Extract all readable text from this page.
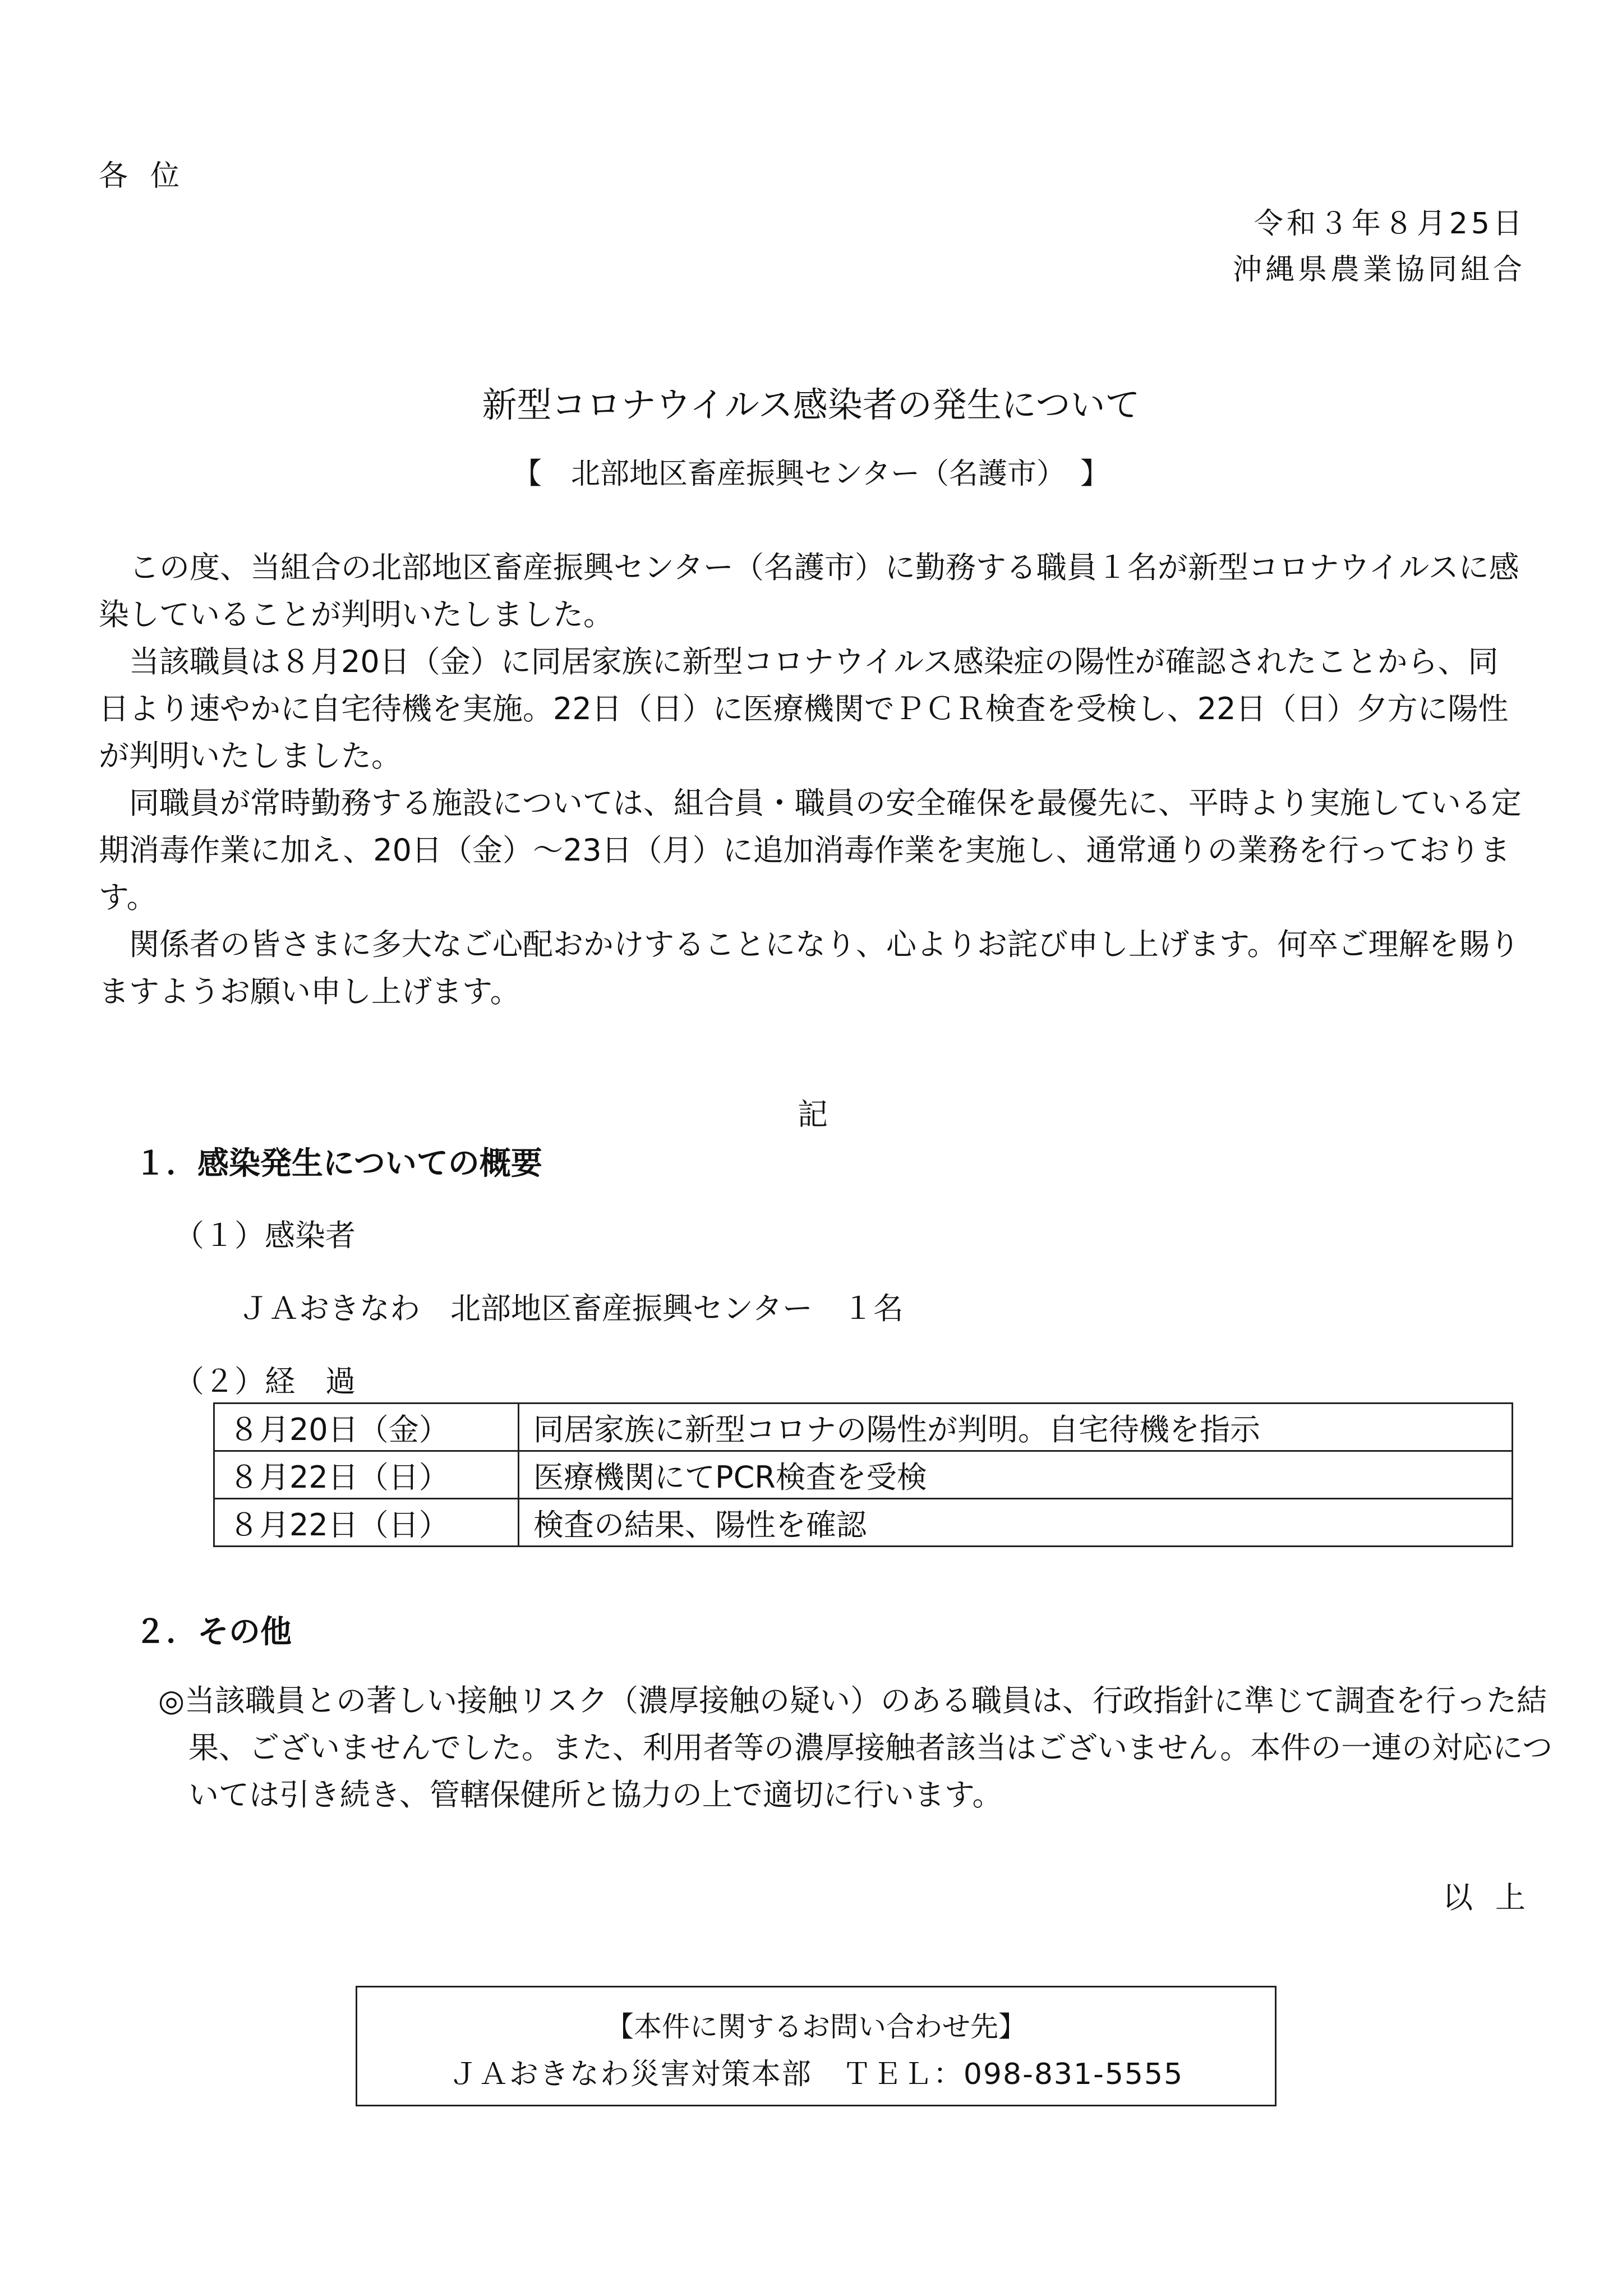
各位
令和３年８月25日
沖縄県農業協同組合
新型コロナウイルス感染者の発生について
【　北部地区畜産振興センター（名護市）　】
この度、当組合の北部地区畜産振興センター（名護市）に勤務する職員１名が新型コロナウイルスに感染していることが判明いたしました。
当該職員は８月20日（金）に同居家族に新型コロナウイルス感染症の陽性が確認されたことから、同日より速やかに自宅待機を実施。22日（日）に医療機関でＰＣＲ検査を受検し、22日（日）夕方に陽性が判明いたしました。
同職員が常時勤務する施設については、組合員・職員の安全確保を最優先に、平時より実施している定期消毒作業に加え、20日（金）～23日（月）に追加消毒作業を実施し、通常通りの業務を行っております。
関係者の皆さまに多大なご心配おかけすることになり、心よりお詫び申し上げます。何卒ご理解を賜りますようお願い申し上げます。
記
１．感染発生についての概要
（１）感染者
ＪＡおきなわ　北部地区畜産振興センター　１名
（２）経　過
８月20日（金）	同居家族に新型コロナの陽性が判明。自宅待機を指示
８月22日（日）	医療機関にてPCR検査を受検
８月22日（日）	検査の結果、陽性を確認
２．その他
◎当該職員との著しい接触リスク（濃厚接触の疑い）のある職員は、行政指針に準じて調査を行った結果、ございませんでした。また、利用者等の濃厚接触者該当はございません。本件の一連の対応については引き続き、管轄保健所と協力の上で適切に行います。
以上
【本件に関するお問い合わせ先】
ＪＡおきなわ災害対策本部　ＴＥＬ：098-831-5555
